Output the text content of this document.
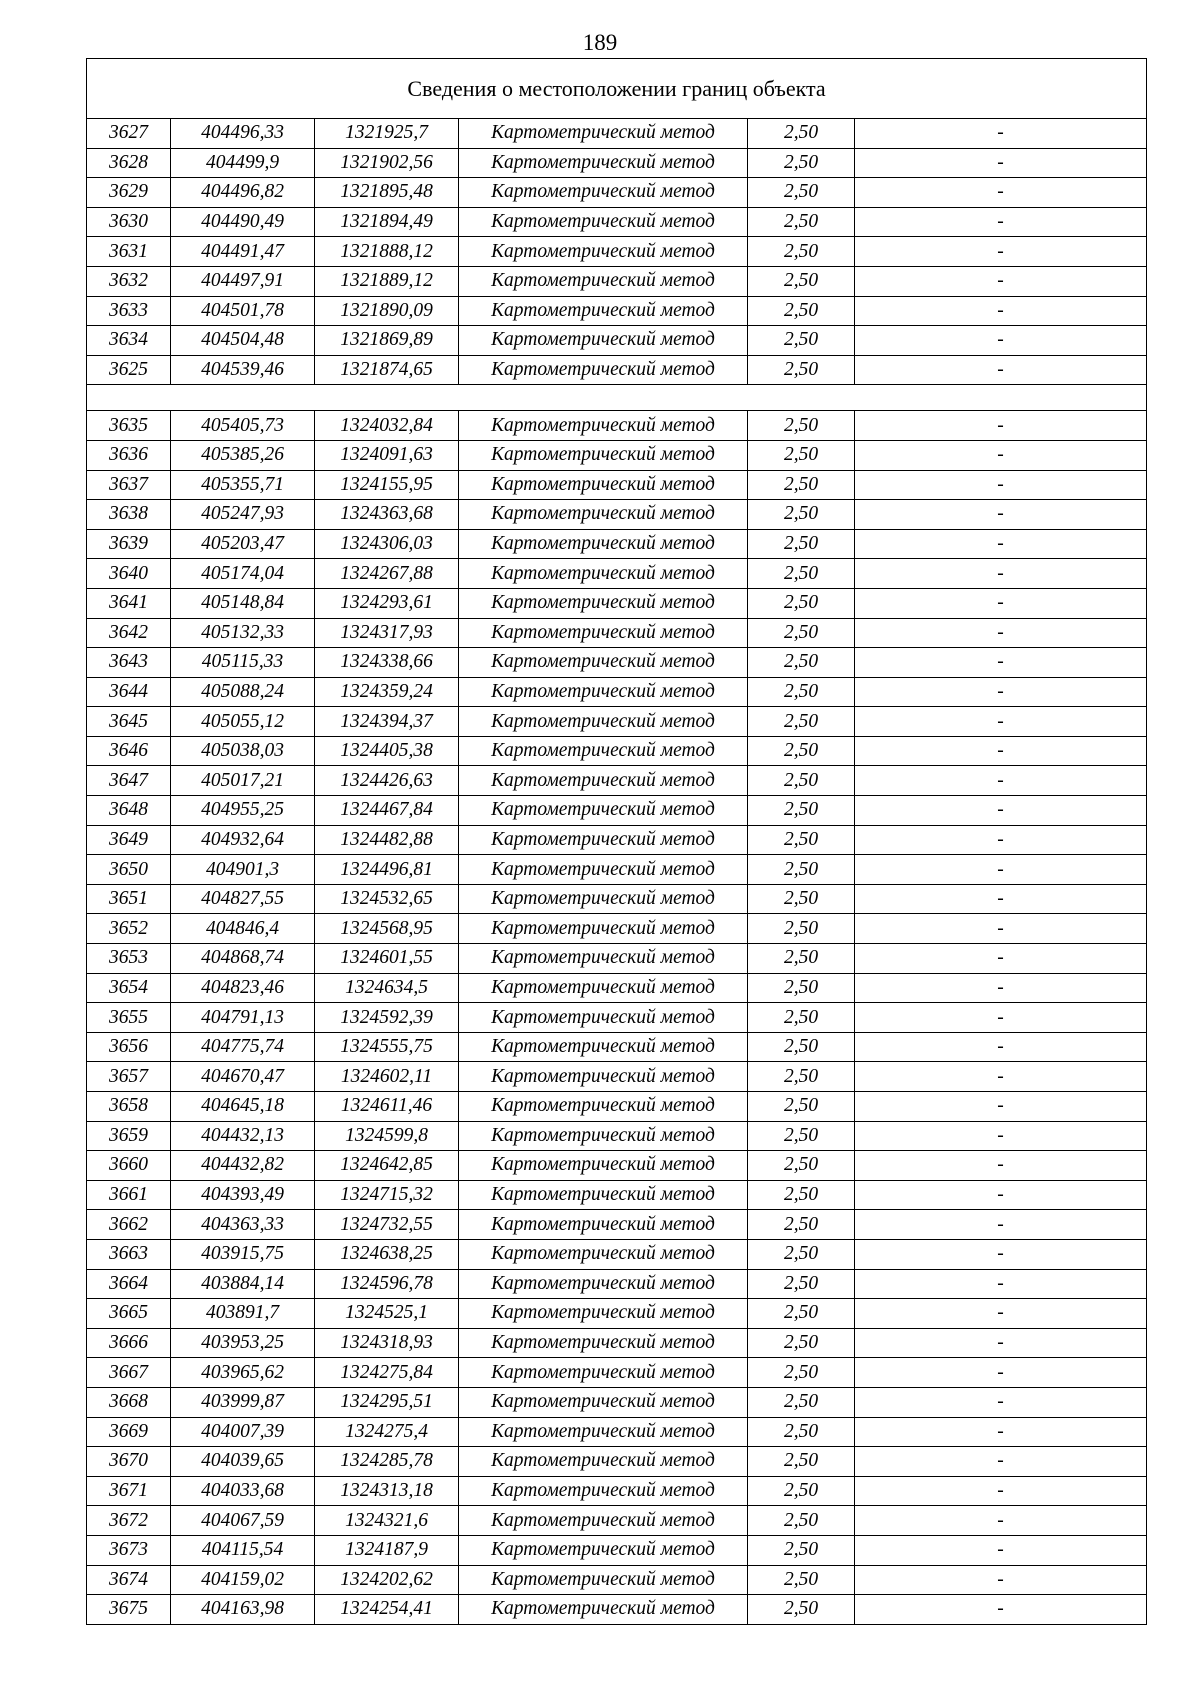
189
Сведения о местоположении границ объекта					
3627	404496,33	1321925,7	Картометрический метод	2,50	-
3628	404499,9	1321902,56	Картометрический метод	2,50	-
3629	404496,82	1321895,48	Картометрический метод	2,50	-
3630	404490,49	1321894,49	Картометрический метод	2,50	-
3631	404491,47	1321888,12	Картометрический метод	2,50	-
3632	404497,91	1321889,12	Картометрический метод	2,50	-
3633	404501,78	1321890,09	Картометрический метод	2,50	-
3634	404504,48	1321869,89	Картометрический метод	2,50	-
3625	404539,46	1321874,65	Картометрический метод	2,50	-

3635	405405,73	1324032,84	Картометрический метод	2,50	-
3636	405385,26	1324091,63	Картометрический метод	2,50	-
3637	405355,71	1324155,95	Картометрический метод	2,50	-
3638	405247,93	1324363,68	Картометрический метод	2,50	-
3639	405203,47	1324306,03	Картометрический метод	2,50	-
3640	405174,04	1324267,88	Картометрический метод	2,50	-
3641	405148,84	1324293,61	Картометрический метод	2,50	-
3642	405132,33	1324317,93	Картометрический метод	2,50	-
3643	405115,33	1324338,66	Картометрический метод	2,50	-
3644	405088,24	1324359,24	Картометрический метод	2,50	-
3645	405055,12	1324394,37	Картометрический метод	2,50	-
3646	405038,03	1324405,38	Картометрический метод	2,50	-
3647	405017,21	1324426,63	Картометрический метод	2,50	-
3648	404955,25	1324467,84	Картометрический метод	2,50	-
3649	404932,64	1324482,88	Картометрический метод	2,50	-
3650	404901,3	1324496,81	Картометрический метод	2,50	-
3651	404827,55	1324532,65	Картометрический метод	2,50	-
3652	404846,4	1324568,95	Картометрический метод	2,50	-
3653	404868,74	1324601,55	Картометрический метод	2,50	-
3654	404823,46	1324634,5	Картометрический метод	2,50	-
3655	404791,13	1324592,39	Картометрический метод	2,50	-
3656	404775,74	1324555,75	Картометрический метод	2,50	-
3657	404670,47	1324602,11	Картометрический метод	2,50	-
3658	404645,18	1324611,46	Картометрический метод	2,50	-
3659	404432,13	1324599,8	Картометрический метод	2,50	-
3660	404432,82	1324642,85	Картометрический метод	2,50	-
3661	404393,49	1324715,32	Картометрический метод	2,50	-
3662	404363,33	1324732,55	Картометрический метод	2,50	-
3663	403915,75	1324638,25	Картометрический метод	2,50	-
3664	403884,14	1324596,78	Картометрический метод	2,50	-
3665	403891,7	1324525,1	Картометрический метод	2,50	-
3666	403953,25	1324318,93	Картометрический метод	2,50	-
3667	403965,62	1324275,84	Картометрический метод	2,50	-
3668	403999,87	1324295,51	Картометрический метод	2,50	-
3669	404007,39	1324275,4	Картометрический метод	2,50	-
3670	404039,65	1324285,78	Картометрический метод	2,50	-
3671	404033,68	1324313,18	Картометрический метод	2,50	-
3672	404067,59	1324321,6	Картометрический метод	2,50	-
3673	404115,54	1324187,9	Картометрический метод	2,50	-
3674	404159,02	1324202,62	Картометрический метод	2,50	-
3675	404163,98	1324254,41	Картометрический метод	2,50	-
